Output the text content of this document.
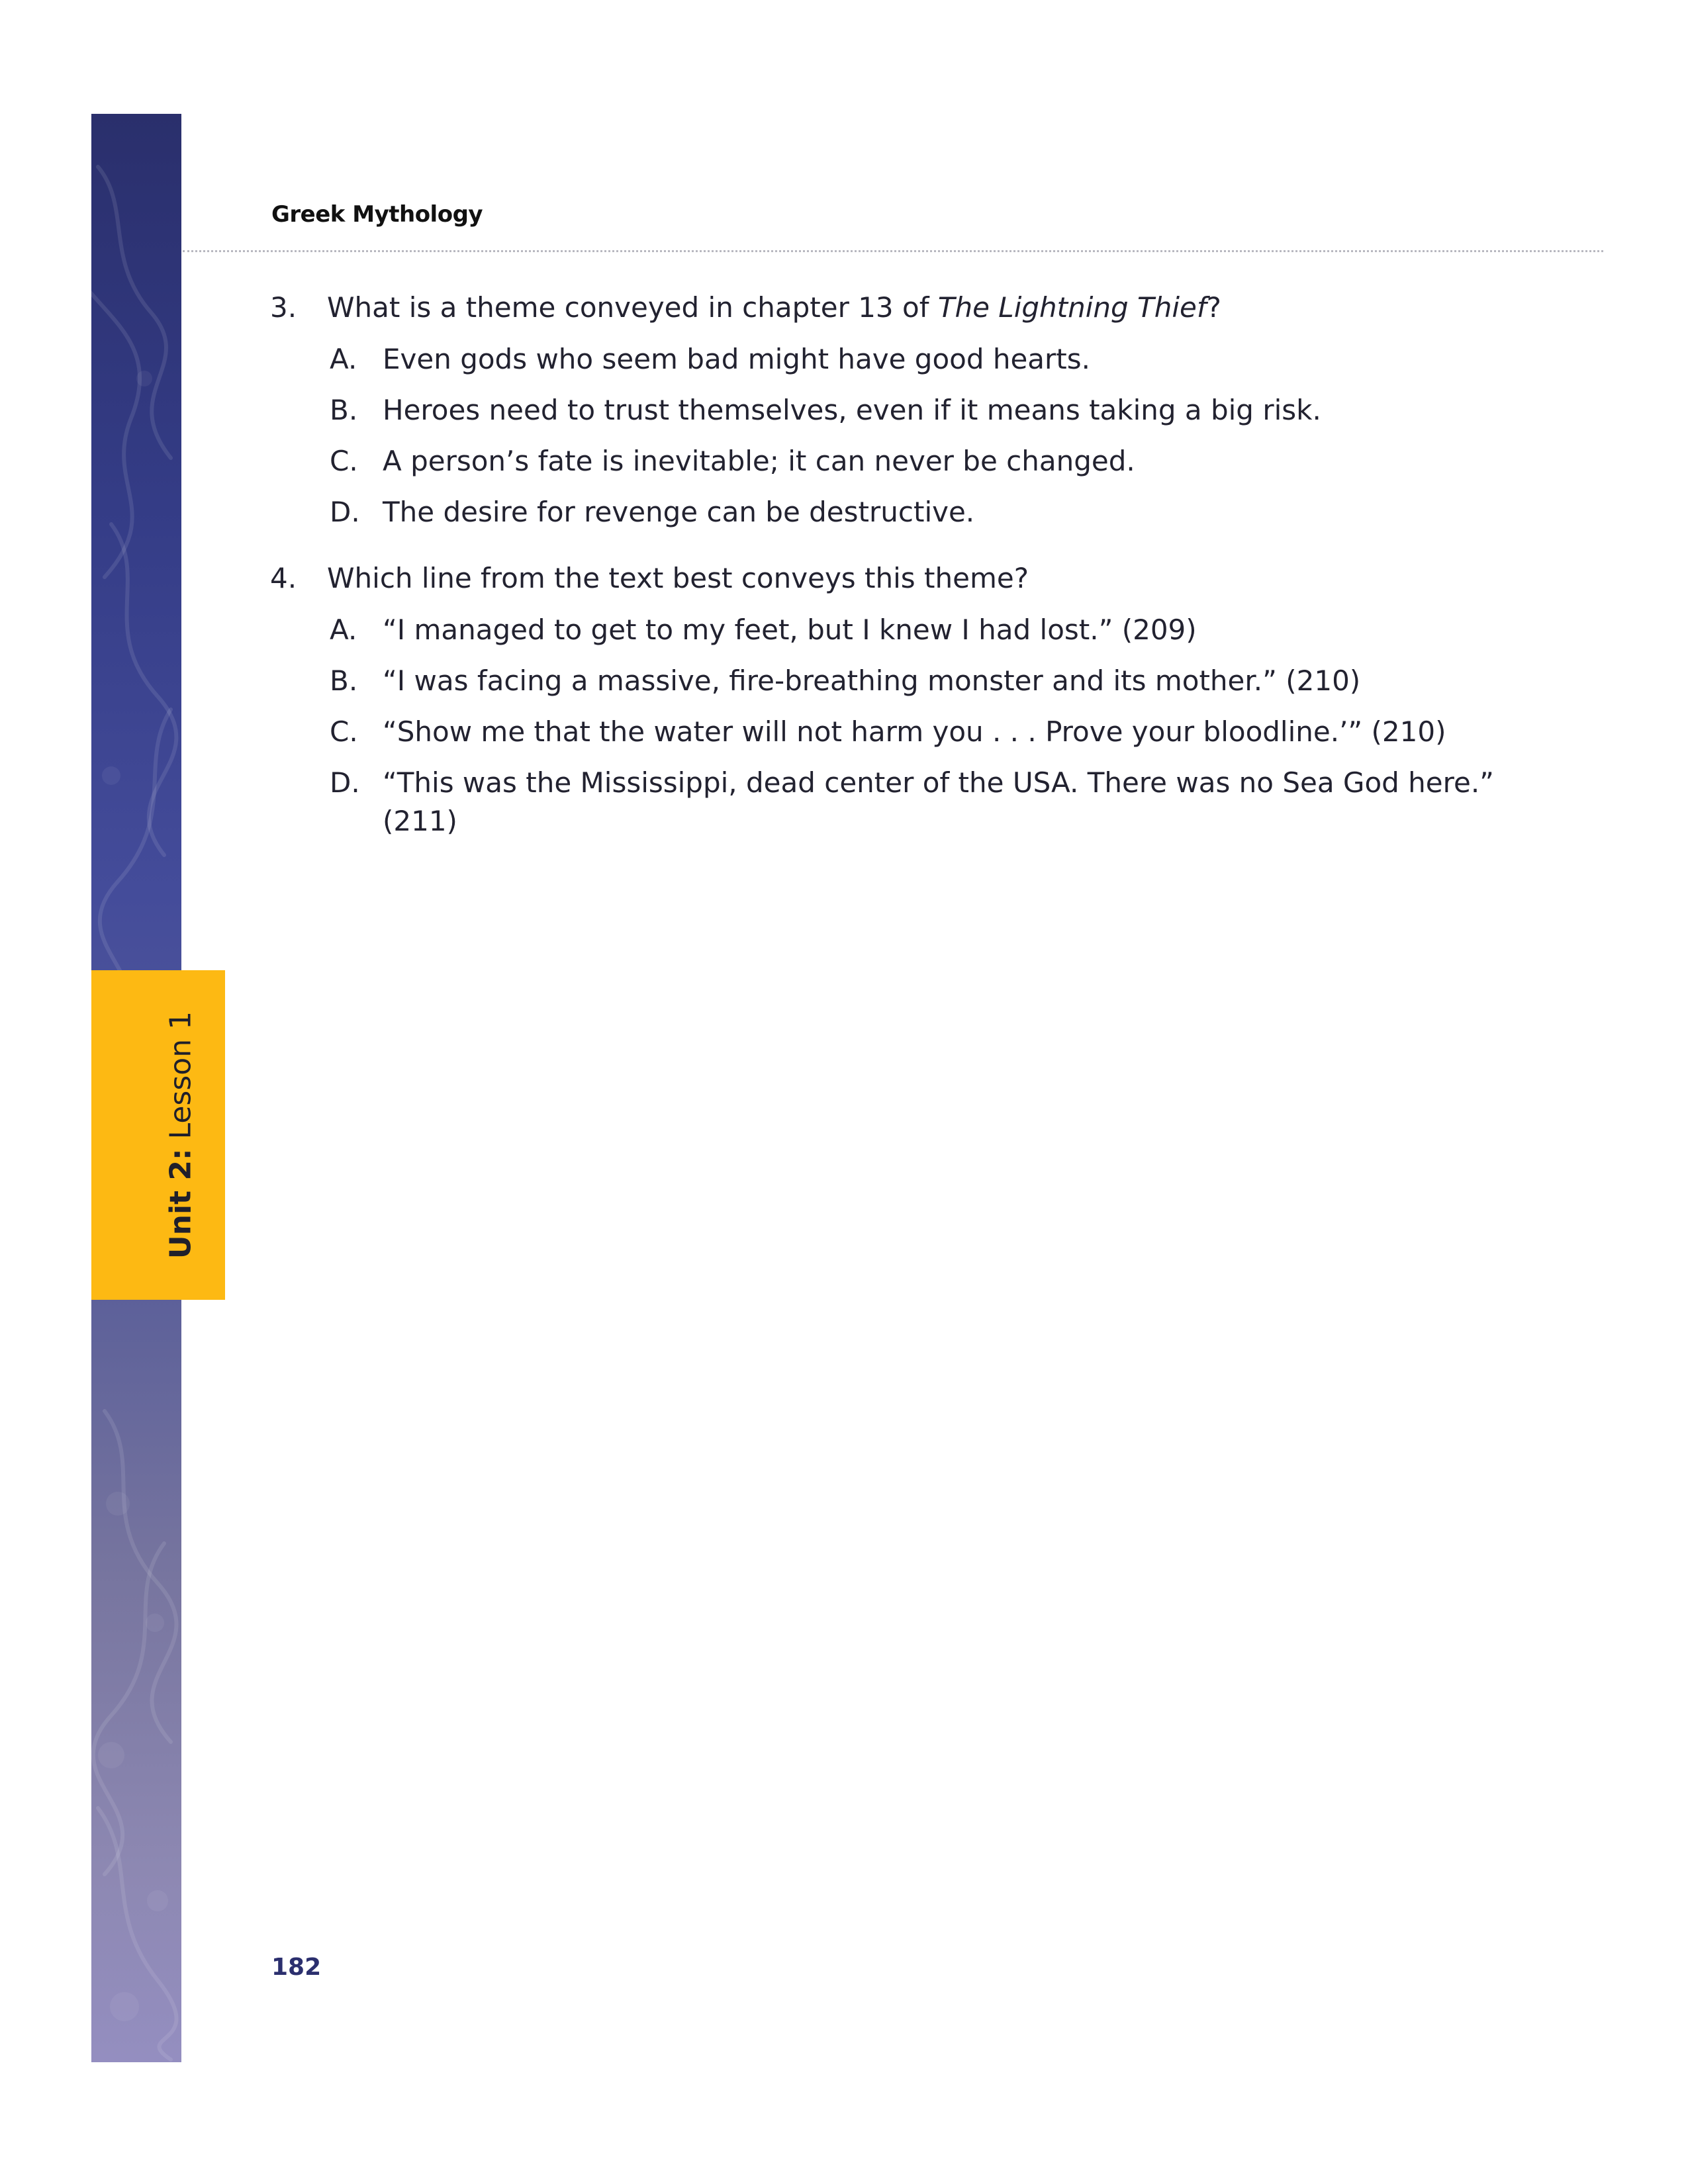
Unit 2: Lesson 1
Greek Mythology
3. What is a theme conveyed in chapter 13 of The Lightning Thief?
A. Even gods who seem bad might have good hearts.
B. Heroes need to trust themselves, even if it means taking a big risk.
C. A person’s fate is inevitable; it can never be changed.
D. The desire for revenge can be destructive.
4. Which line from the text best conveys this theme?
A. “I managed to get to my feet, but I knew I had lost.” (209)
B. “I was facing a massive, fire-breathing monster and its mother.” (210)
C. “Show me that the water will not harm you . . . Prove your bloodline.’” (210)
D. “This was the Mississippi, dead center of the USA. There was no Sea God here.” (211)
182
